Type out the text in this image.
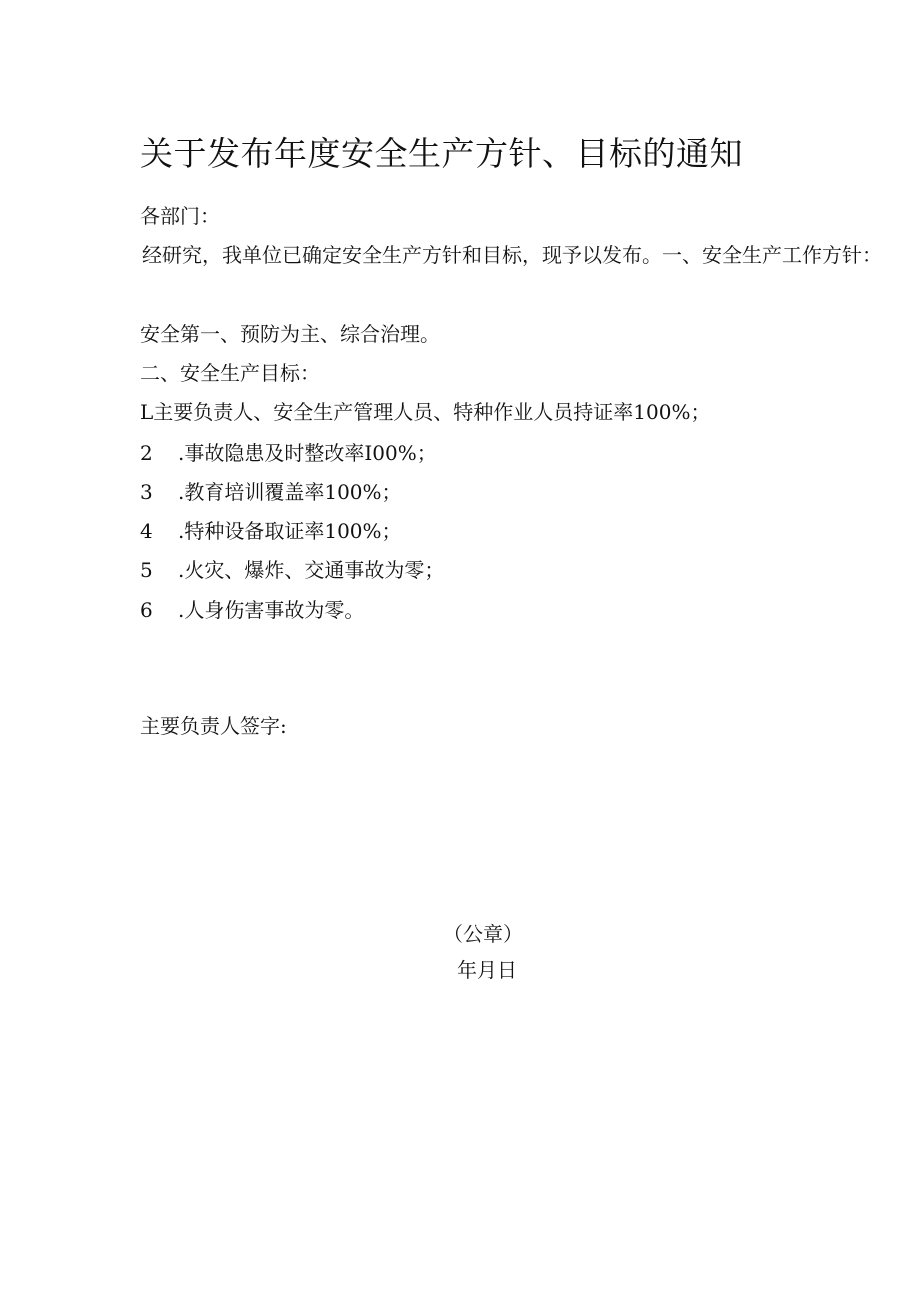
关于发布年度安全生产方针、目标的通知

各部门：

经研究，我单位已确定安全生产方针和目标，现予以发布。一、安全生产工作方针：

安全第一、预防为主、综合治理。

二、安全生产目标：

L主要负责人、安全生产管理人员、特种作业人员持证率100%；

2 .事故隐患及时整改率I00%；

3 .教育培训覆盖率100%；

4 .特种设备取证率100%；

5 .火灾、爆炸、交通事故为零；

6 .人身伤害事故为零。

主要负责人签字:

（公章）

年月日
